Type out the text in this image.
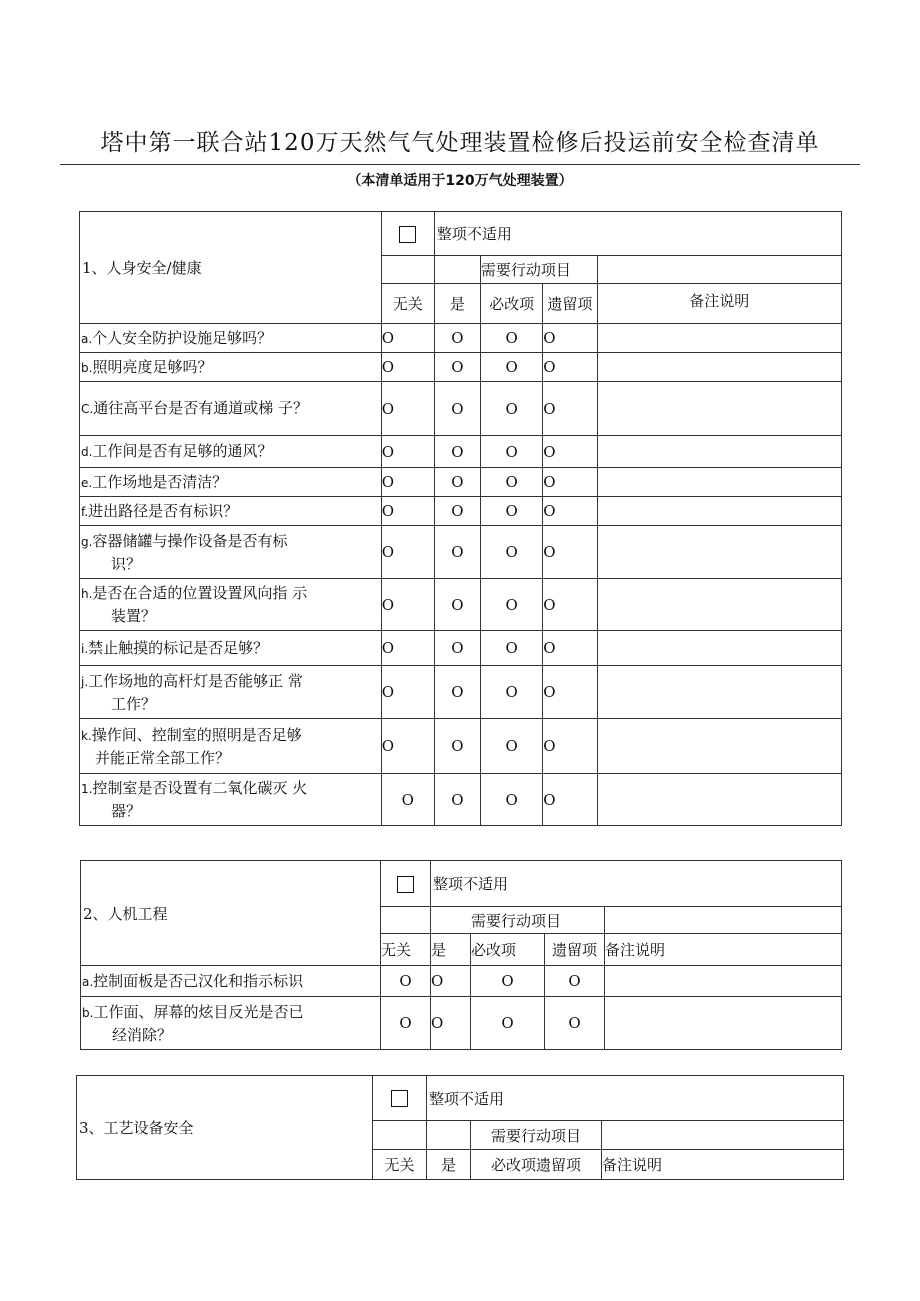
塔中第一联合站120万天然气气处理装置检修后投运前安全检查清单
（本清单适用于120万气处理装置）
1、人身安全/健康		整项不适用			
			需要行动项目		
	无关	是	必改项	遗留项	备注说明
a.个人安全防护设施足够吗？	O	O	O	O	
b.照明亮度足够吗？	O	O	O	O	
C.通往高平台是否有通道或梯 子？	O	O	O	O	
d.工作间是否有足够的通风？	O	O	O	O	
e.工作场地是否清洁？	O	O	O	O	
f.进出路径是否有标识？	O	O	O	O	
g.容器储罐与操作设备是否有标
识？	O	O	O	O	
h.是否在合适的位置设置风向指 示
装置？	O	O	O	O	
i.禁止触摸的标记是否足够？	O	O	O	O	
j.工作场地的高杆灯是否能够正 常
工作？	O	O	O	O	
k.操作间、控制室的照明是否足够
并能正常全部工作？	O	O	O	O	
1.控制室是否设置有二氧化碳灭 火
器？	O	O	O	O	
2、人机工程		整项不适用			
		需要行动项目			
	无关	是	必改项	遗留项	备注说明
a.控制面板是否己汉化和指示标识	O	O	O	O	
b.工作面、屏幕的炫目反光是否已
经消除？	O	O	O	O	
3、工艺设备安全		整项不适用		
			需要行动项目	
	无关	是	必改项遗留项	备注说明
